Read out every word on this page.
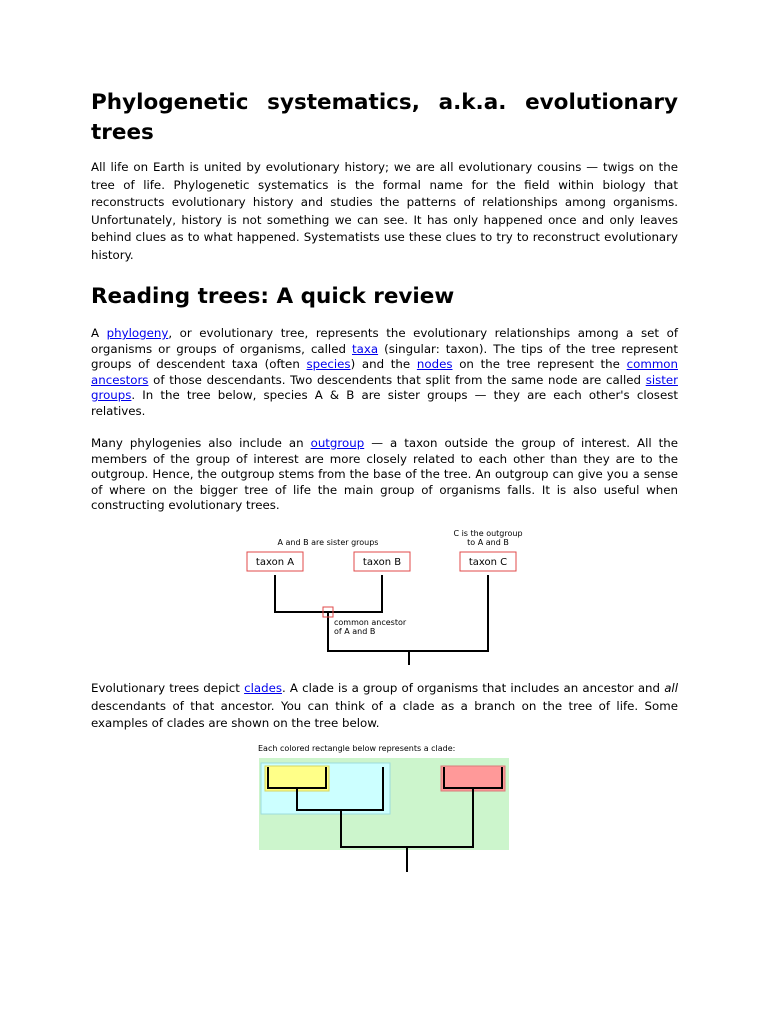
Phylogenetic systematics, a.k.a. evolutionary
trees

All life on Earth is united by evolutionary history; we are all evolutionary cousins — twigs on the tree of life. Phylogenetic systematics is the formal name for the field within biology that reconstructs evolutionary history and studies the patterns of relationships among organisms. Unfortunately, history is not something we can see. It has only happened once and only leaves behind clues as to what happened. Systematists use these clues to try to reconstruct evolutionary history.

Reading trees: A quick review

A phylogeny, or evolutionary tree, represents the evolutionary relationships among a set of organisms or groups of organisms, called taxa (singular: taxon). The tips of the tree represent groups of descendent taxa (often species) and the nodes on the tree represent the common ancestors of those descendants. Two descendents that split from the same node are called sister groups. In the tree below, species A & B are sister groups — they are each other's closest relatives.

Many phylogenies also include an outgroup — a taxon outside the group of interest. All the members of the group of interest are more closely related to each other than they are to the outgroup. Hence, the outgroup stems from the base of the tree. An outgroup can give you a sense of where on the bigger tree of life the main group of organisms falls. It is also useful when constructing evolutionary trees.

A and B are sister groups
C is the outgroup
to A and B
taxon A	taxon B	taxon C
common ancestor
of A and B

Evolutionary trees depict clades. A clade is a group of organisms that includes an ancestor and all descendants of that ancestor. You can think of a clade as a branch on the tree of life. Some examples of clades are shown on the tree below.

Each colored rectangle below represents a clade:
